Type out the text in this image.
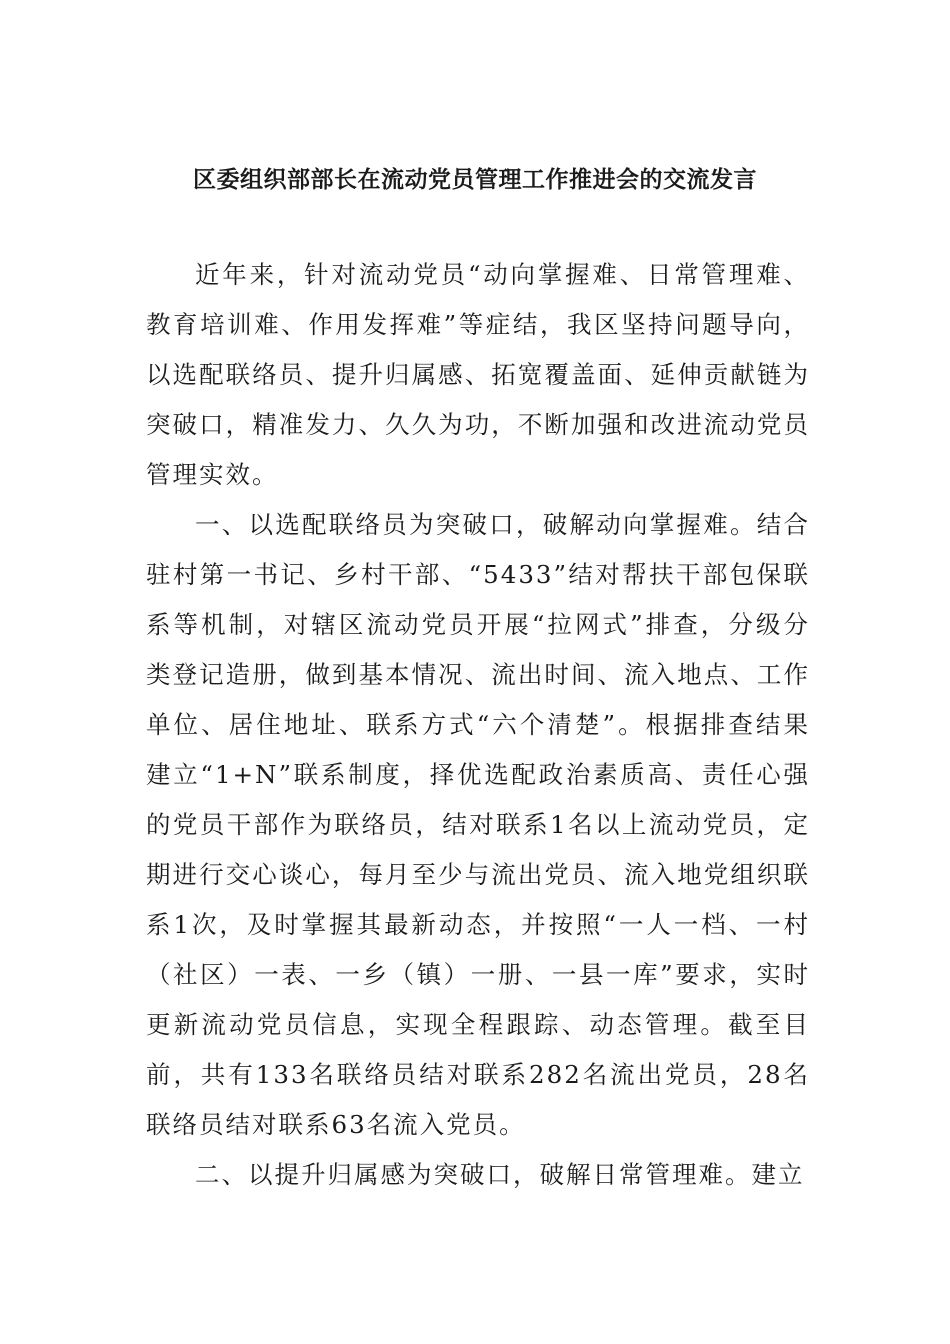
区委组织部部长在流动党员管理工作推进会的交流发言

近年来，针对流动党员“动向掌握难、日常管理难、教育培训难、作用发挥难”等症结，我区坚持问题导向，以选配联络员、提升归属感、拓宽覆盖面、延伸贡献链为突破口，精准发力、久久为功，不断加强和改进流动党员管理实效。

一、以选配联络员为突破口，破解动向掌握难。结合驻村第一书记、乡村干部、“5433”结对帮扶干部包保联系等机制，对辖区流动党员开展“拉网式”排查，分级分类登记造册，做到基本情况、流出时间、流入地点、工作单位、居住地址、联系方式“六个清楚”。根据排查结果建立“1+N”联系制度，择优选配政治素质高、责任心强的党员干部作为联络员，结对联系1名以上流动党员，定期进行交心谈心，每月至少与流出党员、流入地党组织联系1次，及时掌握其最新动态，并按照“一人一档、一村（社区）一表、一乡（镇）一册、一县一库”要求，实时更新流动党员信息，实现全程跟踪、动态管理。截至目前，共有133名联络员结对联系282名流出党员，28名联络员结对联系63名流入党员。

二、以提升归属感为突破口，破解日常管理难。建立
